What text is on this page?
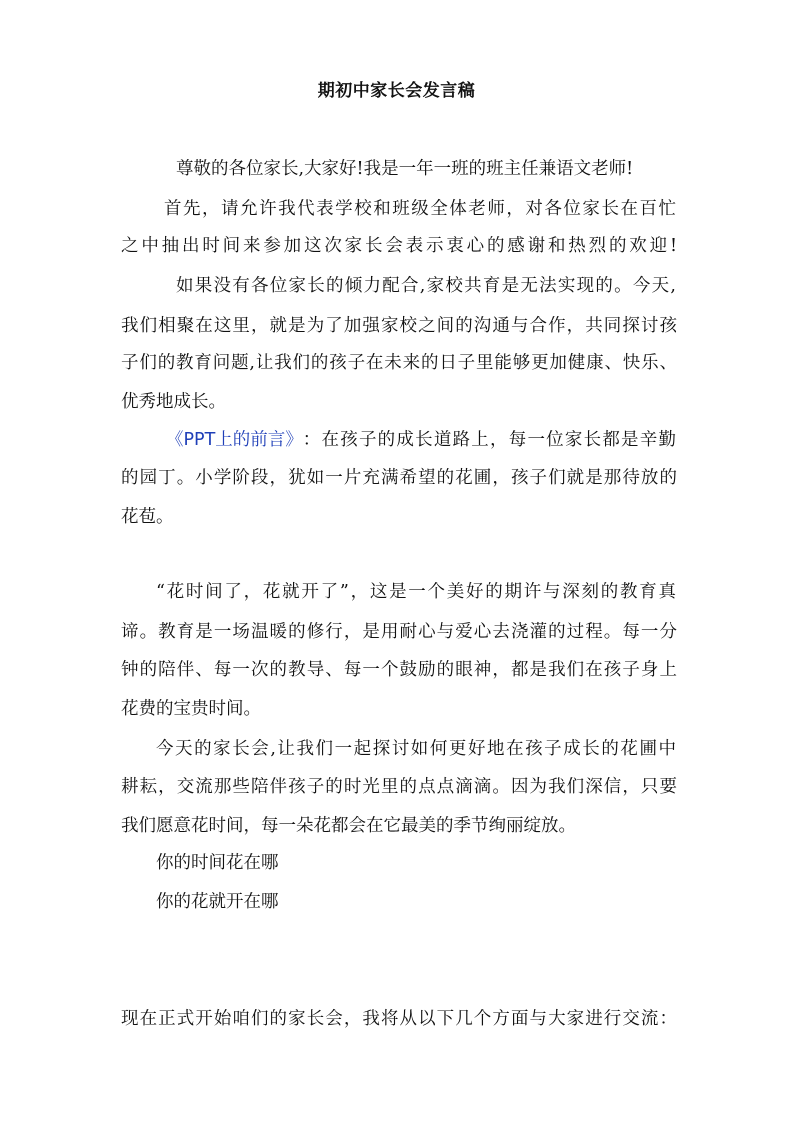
期初中家长会发言稿
尊敬的各位家长,大家好!我是一年一班的班主任兼语文老师!
首先，请允许我代表学校和班级全体老师，对各位家长在百忙
之中抽出时间来参加这次家长会表示衷心的感谢和热烈的欢迎!
如果没有各位家长的倾力配合,家校共育是无法实现的。今天,
我们相聚在这里，就是为了加强家校之间的沟通与合作，共同探讨孩
子们的教育问题,让我们的孩子在未来的日子里能够更加健康、快乐、
优秀地成长。
《PPT上的前言》 ：在孩子的成长道路上，每一位家长都是辛勤
的园丁。小学阶段，犹如一片充满希望的花圃，孩子们就是那待放的
花苞。
“花时间了，花就开了”，这是一个美好的期许与深刻的教育真
谛。教育是一场温暖的修行，是用耐心与爱心去浇灌的过程。每一分
钟的陪伴、每一次的教导、每一个鼓励的眼神，都是我们在孩子身上
花费的宝贵时间。
今天的家长会,让我们一起探讨如何更好地在孩子成长的花圃中
耕耘，交流那些陪伴孩子的时光里的点点滴滴。因为我们深信，只要
我们愿意花时间，每一朵花都会在它最美的季节绚丽绽放。
你的时间花在哪
你的花就开在哪
现在正式开始咱们的家长会，我将从以下几个方面与大家进行交流：
